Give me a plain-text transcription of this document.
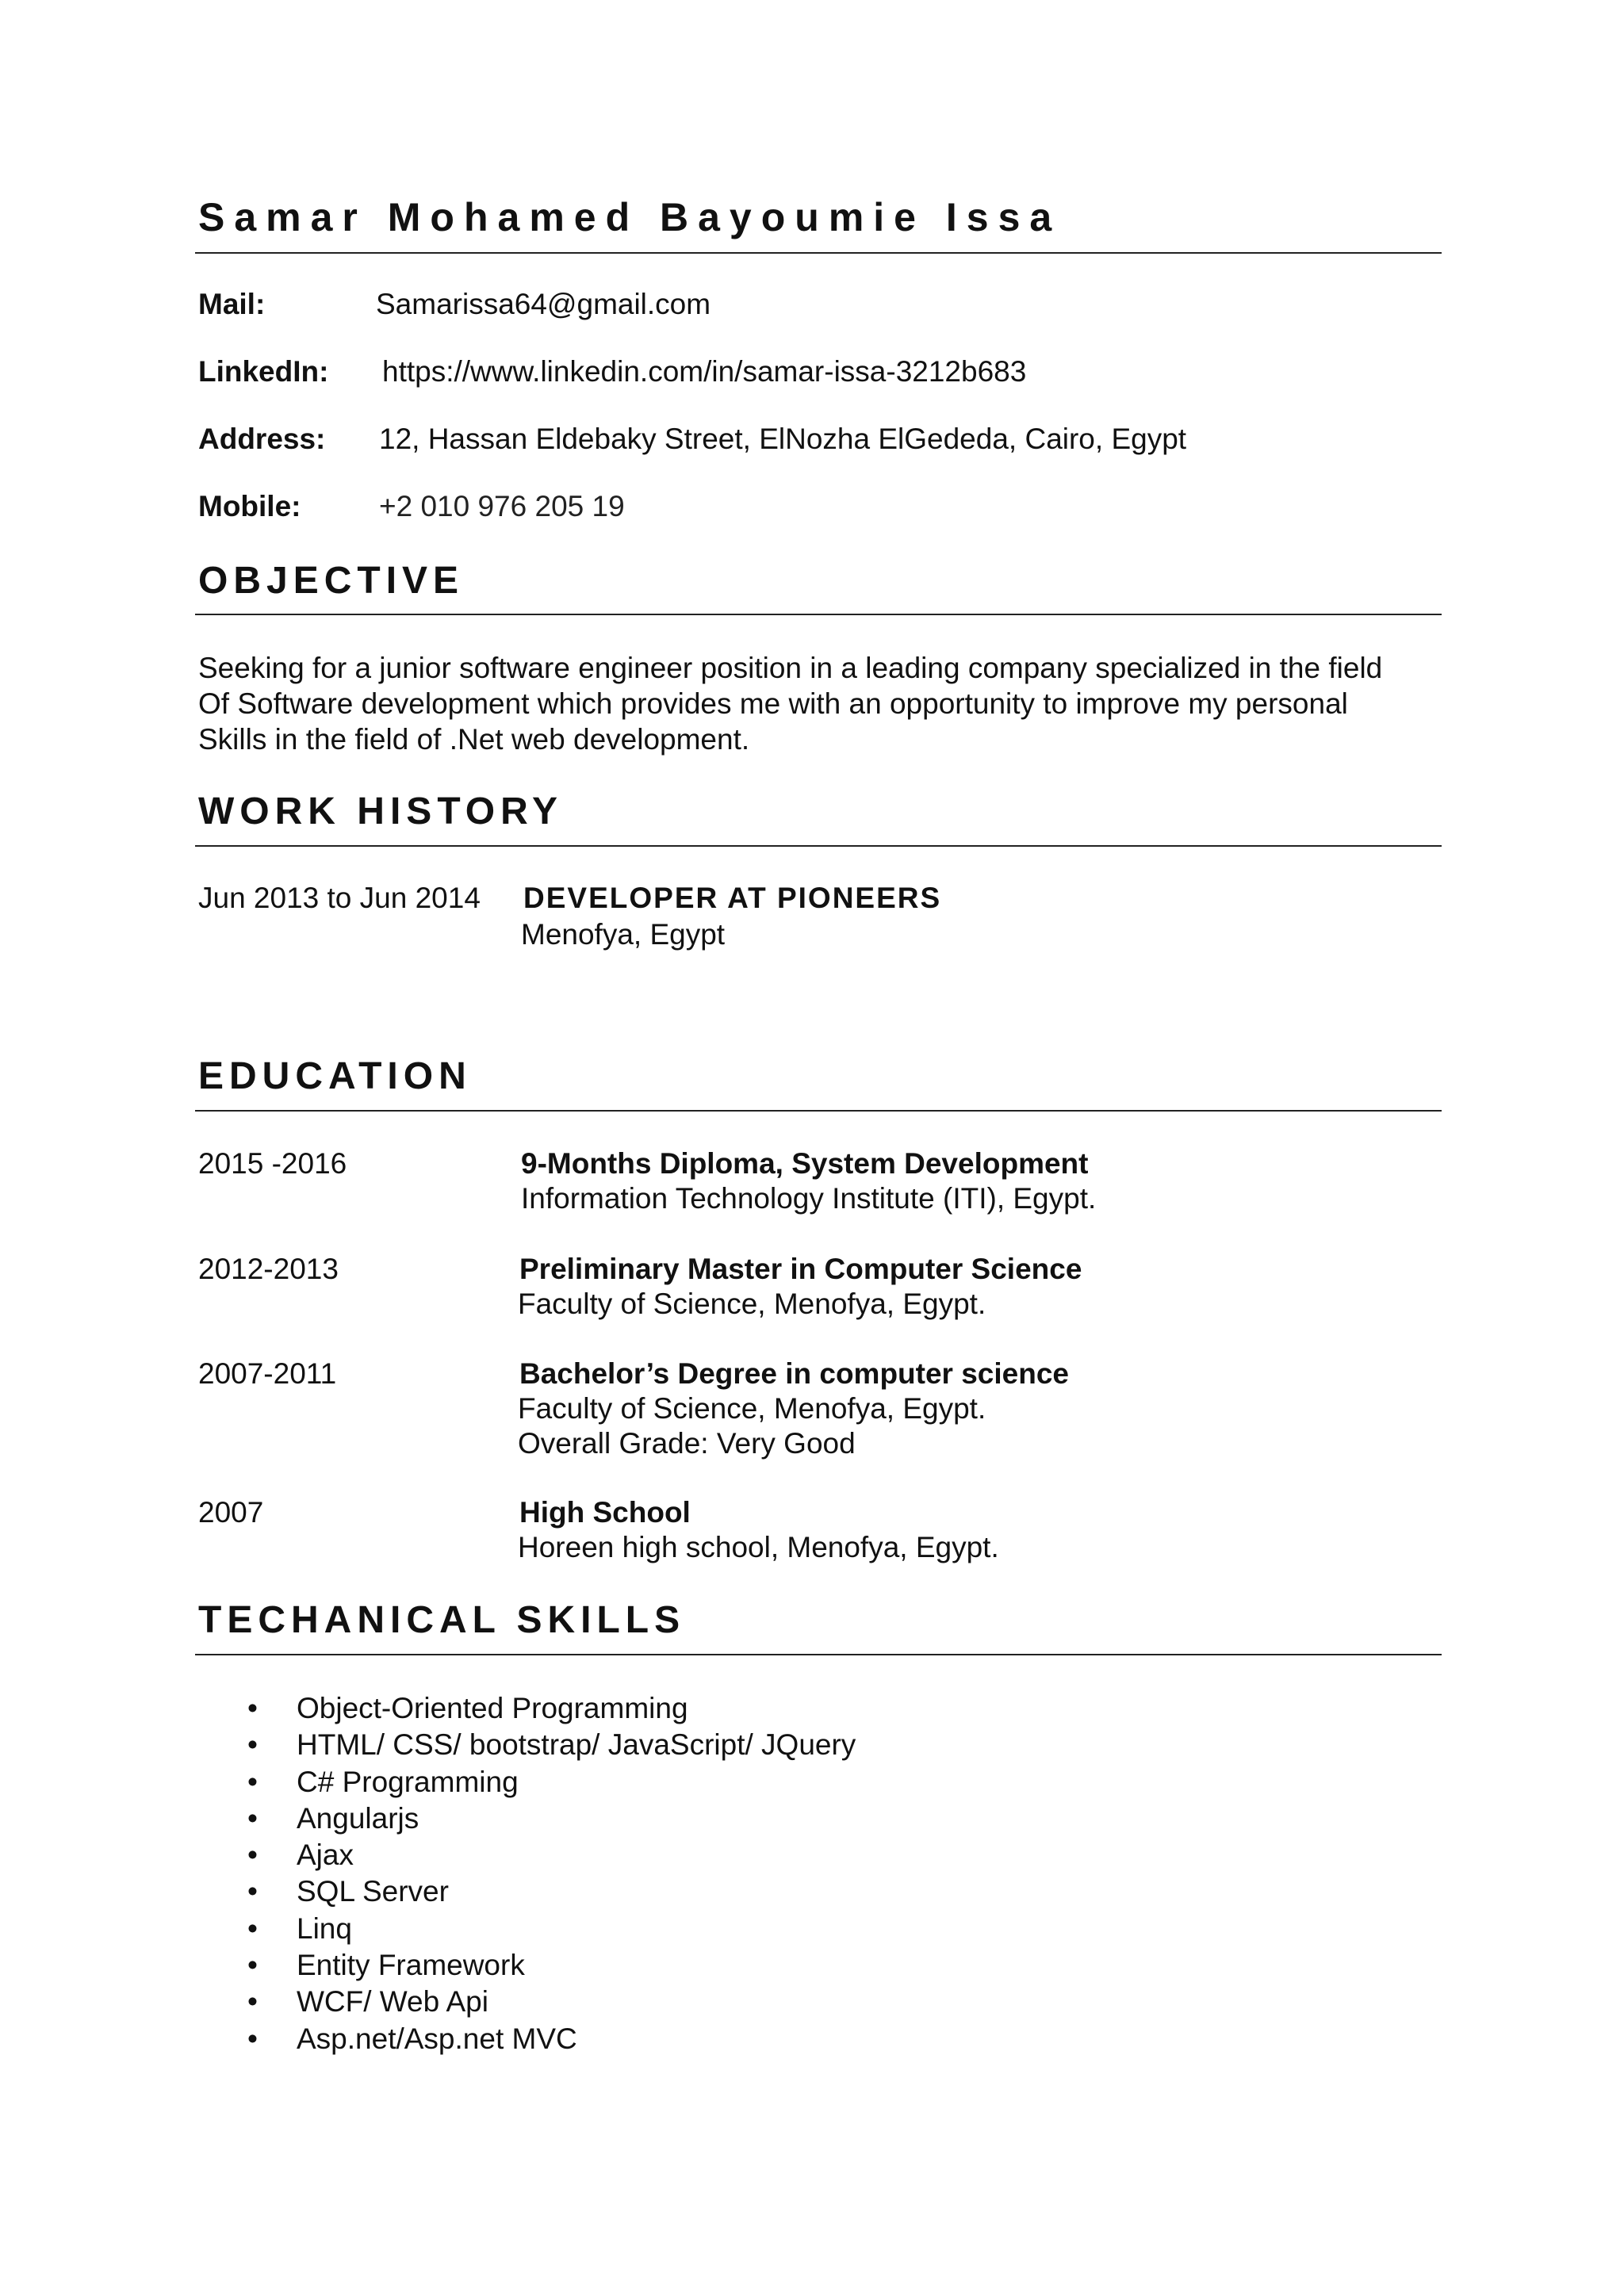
Samar Mohamed Bayoumie Issa
Mail:	Samarissa64@gmail.com
LinkedIn: https://www.linkedin.com/in/samar-issa-3212b683
Address: 12, Hassan Eldebaky Street, ElNozha ElGededa, Cairo, Egypt
Mobile:	+2 010 976 205 19
OBJECTIVE
Seeking for a junior software engineer position in a leading company specialized in the field
Of Software development which provides me with an opportunity to improve my personal
Skills in the field of .Net web development.
WORK HISTORY
Jun 2013 to Jun 2014 DEVELOPER AT PIONEERS
Menofya, Egypt
EDUCATION
2015 -2016	9-Months Diploma, System Development
Information Technology Institute (ITI), Egypt.
2012-2013	Preliminary Master in Computer Science
Faculty of Science, Menofya, Egypt.
2007-2011	Bachelor’s Degree in computer science
Faculty of Science, Menofya, Egypt.
Overall Grade: Very Good
2007	High School
Horeen high school, Menofya, Egypt.
TECHANICAL SKILLS
• Object-Oriented Programming
• HTML/ CSS/ bootstrap/ JavaScript/ JQuery
• C# Programming
• Angularjs
• Ajax
• SQL Server
• Linq
• Entity Framework
• WCF/ Web Api
• Asp.net/Asp.net MVC
